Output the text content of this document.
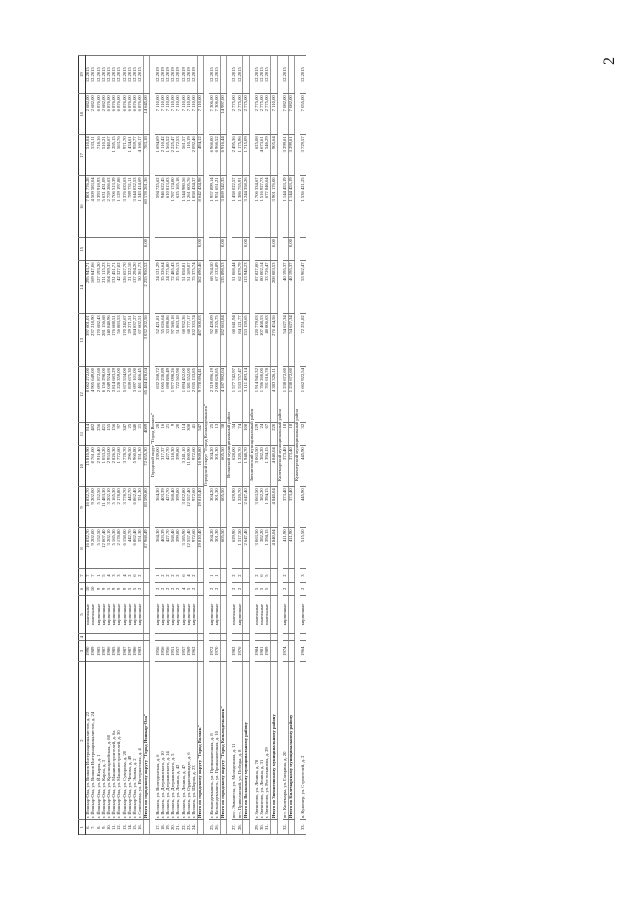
2
1	2	3	4	5	6	7	8	9	10	11	12	13	14	15	16	17	18	19
6.	г. Йошкар-Ола, ул. Воинов Интернационалистов, д. 22	1990		панельные	10	7	16 832,70	16 832,70	15 810,90	814	8 062 272,00	397 601,01	295 943,71		7 801 776,28	510,04	2 682,00	12.2015
7.	г. Йошкар-Ола, ул. Воинов Интернационалистов, д. 24	1989		панельные	10	7	9 202,00	9 202,00	8 761,00	482	4 905 649,00	237 218,90	169 847,06		4 509 583,04	533,11	2 682,00	12.2015
8.	г. Йошкар-Ола, ул. Й.Кырля, д. 1	1985		кирпичные	9	1	5 152,50	5 152,50	2 916,40	256	2 691 872,68	170 682,43	127 193,20		3 393 918,93	718,16	6 876,00	12.2015
9.	г. Йошкар-Ола, ул. Карла, д. 3	1987		кирпичные	9	5	12 007,40	11 483,30	1 053,20	421	6 156 298,00	281 156,68	211 115,23		5 631 431,09	510,21	2 682,00	12.2015
10.	г. Йошкар-Ола, ул. Красноармейская, д. 88	1986		кирпичные	5	4	3 202,10	3 202,10	2 953,00	155	2 049 924,66	140 848,96	104 789,37		2 759 286,63	940,67	6 876,00	12.2015
11.	г. Йошкар-Ола, ул. Машиностроителей, д. 6а	1985		кирпичные	9	3	5 165,30	5 165,30	2 826,30	156	3 814 683,29	176 688,51	131 451,71		3 706 513,39	1 285,15	6 876,00	12.2015
12.	г. Йошкар-Ола, ул. Машиностроителей, д. 30	1986		кирпичные	9	3	2 178,80	2 178,80	1 772,60	97	1 228 359,00	56 883,53	42 327,82		1 129 197,88	563,76	6 876,00	12.2015
13.	г. Йошкар-Ола, ул. Суворова, д. 20	1987		кирпичные	9	4	6 158,00	3 778,70	3 778,70	347	5 673 534,00	170 242,67	126 657,70		3 376 633,63	971,70	6 876,00	12.2015
14.	г. Йошкар-Ола, ул. Чехова, д. 49	1987		кирпичные	5	2	442,70	442,70	296,50	25	839 675,30	29 271,51	21 322,18		789 731,11	1 434,61	6 876,00	12.2015
15.	г. Йошкар-Ола, ул. Эшпая, д. 2	1986		кирпичные	5	6	6 862,40	6 862,40	5 960,80	340	3 697 101,00	184 837,27	137 294,20		3 644 032,53	959,77	6 876,00	12.2015
16.	г. Семеновка, ул. Интернатская, д. 4	1983		кирпичные	2	2	351,30	351,30	351,30	21	1 461 466,45	67 602,51	50 361,73		1 343 414,69	4 160,17	6 876,00	12.2015
	Итого по городскому округу "Город Йошкар-Ола"						87 968,49	83 590,80	72 655,30	4089	65 464 478,04	3 032 202,56	2 255 950,52	0,00	60 178 261,36	783,18	14 645,00	
Городской округ "Город Волжск"																		
17.	г. Волжск, ул. Волгодонская, д. 6	1956		кирпичные	2	1	364,30	364,30	339,00	20	632 268,72	52 421,81	24 121,29		594 725,62	1 694,69	7 110,00	12.2019
18.	г. Волжск, ул. Дзержинского, д. 10	1956		кирпичные	2	2	403,39	403,39	317,37	16	1 065 230,89	35 626,64	35 326,64		946 622,45	2 110,42	7 110,00	12.2019
19.	г. Волжск, ул. Дзержинского, д. 14	1956		кирпичные	2	2	427,70	427,70	427,70	21	698 886,49	33 898,86	24 775,80		610 813,83	1 565,52	7 110,00	12.2019
20.	г. Волжск, ул. Дзержинского, д. 5	1951		кирпичные	2	2	568,40	568,40	518,30	9	1 977 098,26	97 580,18	72 485,43		1 787 174,00	2 225,47	7 110,00	12.2019
21.	г. Волжск, ул. Ленина, д. 42	1957		кирпичные	2	2	399,80	399,80	399,80	20	722 562,98	51 863,18	25 956,13		625 165,18	1 772,53	7 110,00	12.2019
22.	г. Волжск, ул. Ленина, д. 47	1957		кирпичные	4	6	3 185,90	3 832,80	3 241,10	114	1 894 452,00	68 932,36	51 058,81		1 544 980,56	561,57	7 110,00	12.2019
23.	г. Волжск, ул. Орджоникидзе, д. 6	1969		кирпичные	5	4	12 557,40	12 557,40	11 060,90	308	1 381 552,00	68 777,17	51 169,07		1 261 605,76	110,19	7 110,00	12.2019
24.	г. Волжск, ул. Шорна, д. 23	1962		кирпичные	2	2	972,60	972,60	972,60	41	2 035 133,85	102 333,74	75 375,74		1 858 434,37	2 092,46	7 110,00	12.2019
	Итого по городскому округу "Город Волжск"						19 810,40	19 810,40	16 969,80	547	9 778 694,41	487 500,03	362 690,46	0,00	8 642 434,98	494,12	7 110,00	
Городской округ "Город Козьмодемьянск"																		
25.	г. Козьмодемьянск, ул. Промышленная, д. 8	1972		кирпичные	2	1	304,20	304,20	304,20	25	2 319 896,19	92 428,09	68 764,50		1 957 899,14	6 966,00	7 306,00	12.2015
26.	г. Козьмодемьянск, ул. Промышленная, д. 10	1970		кирпичные	2	1	301,30	301,30	301,30	13	2 008 820,85	99 235,75	67 133,89		1 951 651,21	6 966,52	7 306,00	12.2015
	Итого по городскому округу "Город Козьмодемьянск"						605,50	605,50	605,50	38	4 187 992,04	182 663,84	135 898,53	0,00	3 869 542,35	6 916,44	14 997,00	
Волжский муниципальный район																		
27.	пос. Эммаиссы, ул. Молодежная, д. 11	1982		панельные	2	2	629,90	629,90	628,00	34	1 577 742,97	68 641,94	51 068,44		1 458 022,57	2 495,36	2 775,00	12.2015
28.	пгт. Приволжский, ул. Победы, д. 8	1976		кирпичные	2	2	1 317,50	1 320,70	1 320,70	74	1 533 757,47	84 121,77	62 879,79		1 386 755,91	1 175,96	2 775,00	12.2015
	Итого по Волжскому муниципальному району						2 647,40	2 647,40	1 948,70	108	3 111 493,14	153 159,65	113 948,23	0,00	3 244 358,26	1 715,09	2 775,00	
Звениговский муниципальный район																		
29.	г. Звенигово, ул. Ленина, д. 78	1984		панельные	5	2	3 063,50	3 063,50	3 063,50	129	1 914 941,32	120 779,03	87 827,00		1 706 334,67	625,08	2 775,00	12.2015
30.	г. Звенигово, ул. Ленина, д. 31	1981		панельные	5	6	382,20	382,20	382,20	24	1 786 260,00	107 468,53	80 002,14		1 516 927,73	4 673,61	2 775,00	12.2015
31.	г. Звенигово, ул. Ростолкинова, д. 29	1989		панельные	5	5	1 394,15	1 394,15	1 394,15	67	701 616,78	48 806,63	33 726,47		677 846,64	546,29	2 775,00	12.2015
	Итого по Звениговскому муниципальному району						4 840,04	4 840,04	4 840,04	220	4 383 326,11	276 454,56	208 083,53	0,00	3 901 176,00	905,64	7 110,00	
Килемарский муниципальный район																		
32.	пгт. Килемары, ул. Гагарина, д. 20	1974		кирпичные	2	2	411,90	373,40	373,40	18	1 238 672,60	54 627,34	40 195,37		1 144 453,19	3 299,61	7 082,00	12.2015
	Итого по Килемарскому муниципальному району						411,90	373,40	373,40	18	1 238 672,60	54 627,34	40 195,37	0,00	1 144 453,19	3 299,61	7 082,00	
Куженерский муниципальный район																		
33.	п. Куженер, ул. Строителей, д. 2	1964		кирпичные	2	3	515,50	445,90	445,90	32	1 662 922,54	72 251,82	53 962,47		1 536 421,25	3 729,57	7 055,00	12.2015
